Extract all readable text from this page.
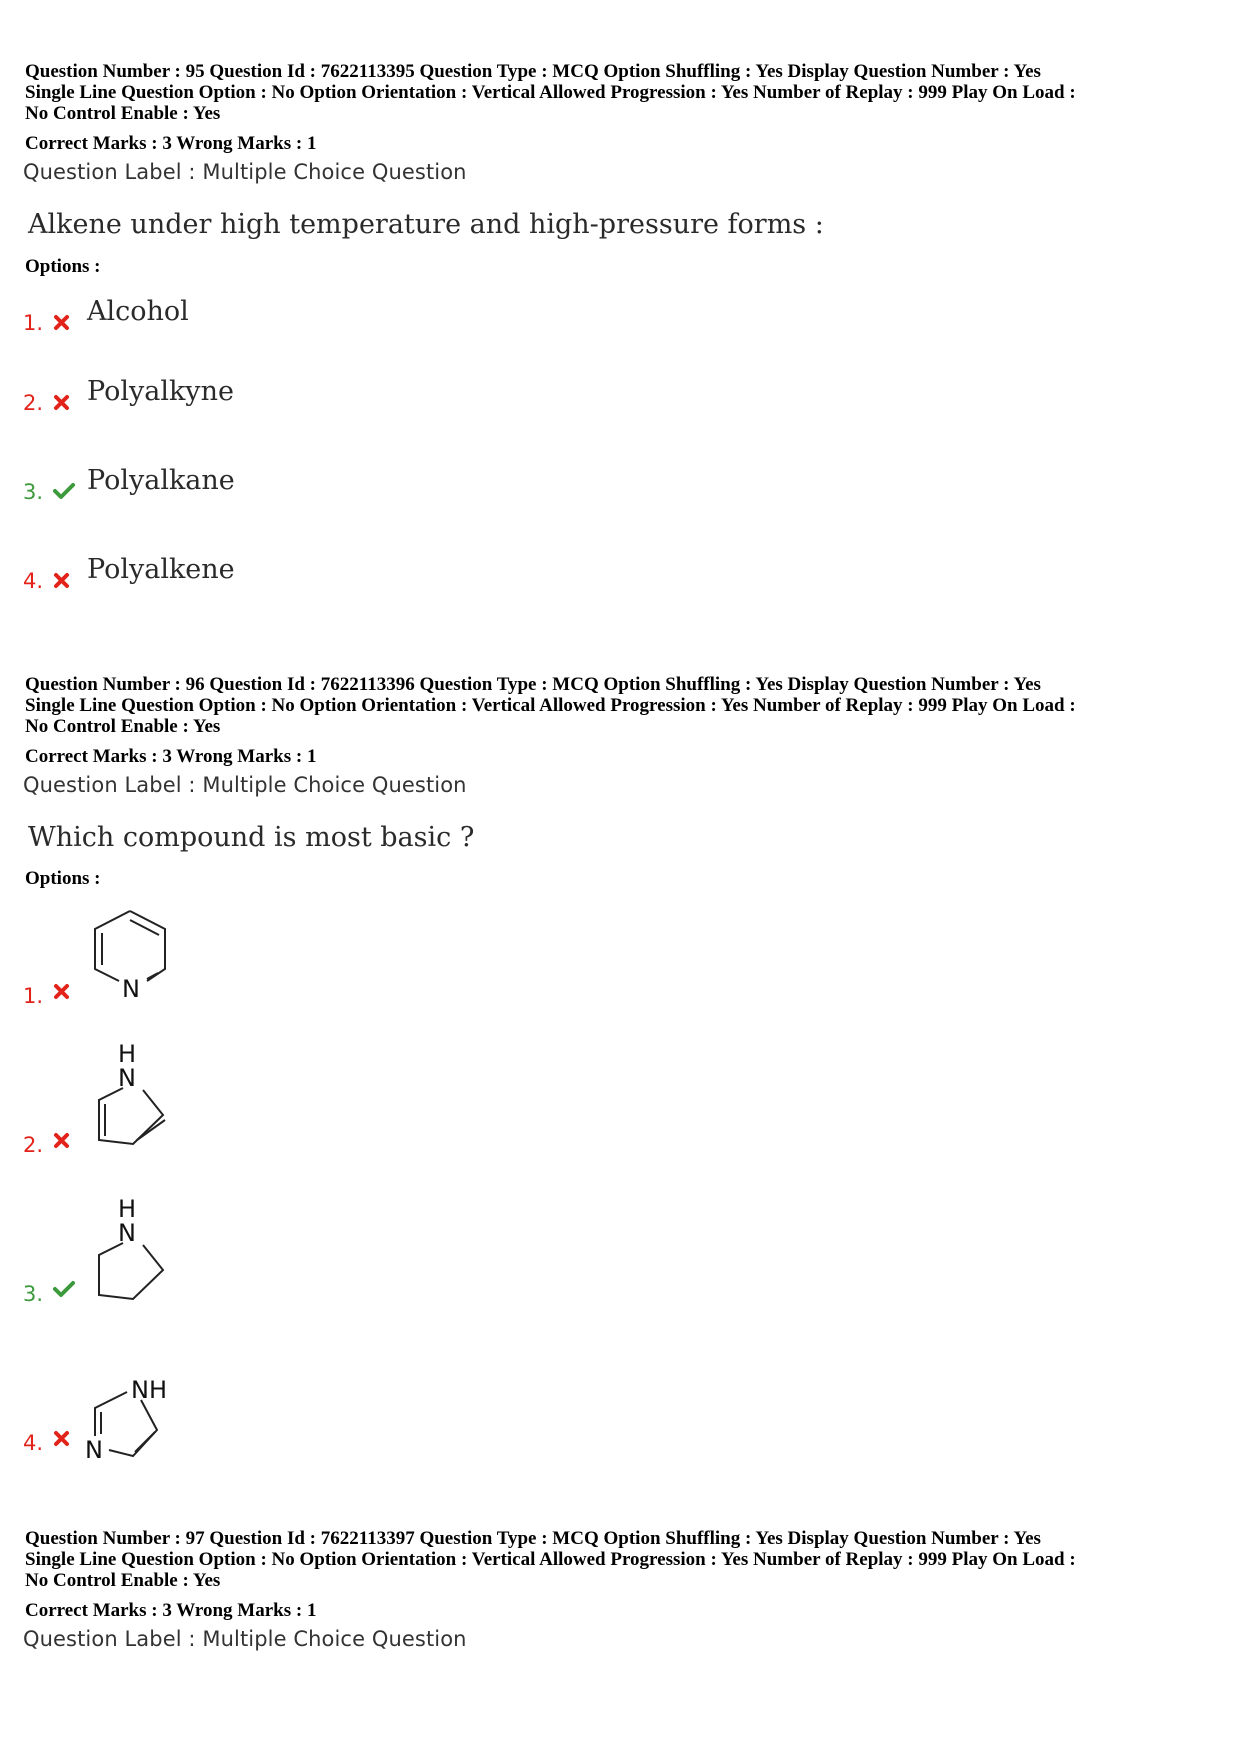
Question Number : 95 Question Id : 7622113395 Question Type : MCQ Option Shuffling : Yes Display Question Number : Yes
Single Line Question Option : No Option Orientation : Vertical Allowed Progression : Yes Number of Replay : 999 Play On Load :
No Control Enable : Yes

Correct Marks : 3 Wrong Marks : 1

Question Label : Multiple Choice Question

Alkene under high temperature and high-pressure forms :

Options :

1. Alcohol
2. Polyalkyne
3. Polyalkane
4. Polyalkene

Question Number : 96 Question Id : 7622113396 Question Type : MCQ Option Shuffling : Yes Display Question Number : Yes
Single Line Question Option : No Option Orientation : Vertical Allowed Progression : Yes Number of Replay : 999 Play On Load :
No Control Enable : Yes

Correct Marks : 3 Wrong Marks : 1

Question Label : Multiple Choice Question

Which compound is most basic ?

Options :

1.	N
2.
H
N
3.
H
N
4.
NH
N

Question Number : 97 Question Id : 7622113397 Question Type : MCQ Option Shuffling : Yes Display Question Number : Yes
Single Line Question Option : No Option Orientation : Vertical Allowed Progression : Yes Number of Replay : 999 Play On Load :
No Control Enable : Yes

Correct Marks : 3 Wrong Marks : 1

Question Label : Multiple Choice Question
